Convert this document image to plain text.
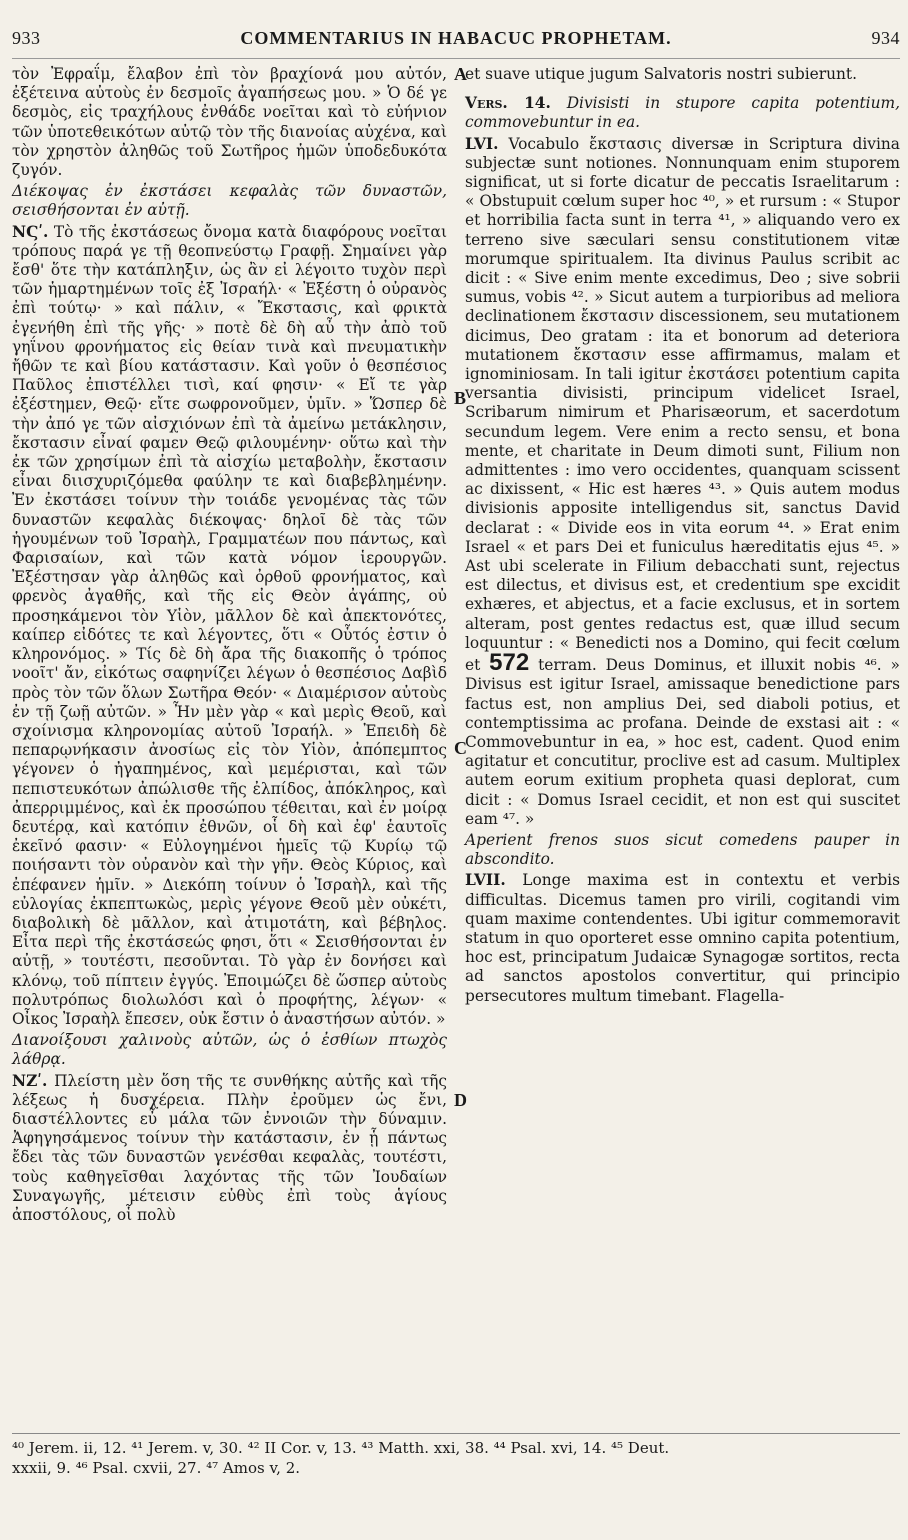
933	COMMENTARIUS IN HABACUC PROPHETAM.	934

τὸν Ἐφραΐμ, ἔλαβον ἐπὶ τὸν βραχίονά μου αὐτόν, ἐξέτεινα αὐτοὺς ἐν δεσμοῖς ἀγαπήσεως μου. » Ὁ δέ γε δεσμὸς, εἰς τραχήλους ἐνθάδε νοεῖται καὶ τὸ εὐήνιον τῶν ὑποτεθεικότων αὐτῷ τὸν τῆς διανοίας αὐχένα, καὶ τὸν χρηστὸν ἀληθῶς τοῦ Σωτῆρος ἡμῶν ὑποδεδυκότα ζυγόν.

Διέκοψας ἐν ἐκστάσει κεφαλὰς τῶν δυναστῶν, σεισθήσονται ἐν αὐτῇ.

ΝϚʹ. Τὸ τῆς ἐκστάσεως ὄνομα κατὰ διαφόρους νοεῖται τρόπους παρά γε τῇ θεοπνεύστῳ Γραφῇ. Σημαίνει γὰρ ἔσθ' ὅτε τὴν κατάπληξιν, ὡς ἂν εἰ λέγοιτο τυχὸν περὶ τῶν ἡμαρτημένων τοῖς ἐξ Ἰσραήλ· « Ἐξέστη ὁ οὐρανὸς ἐπὶ τούτῳ· » καὶ πάλιν, « Ἔκστασις, καὶ φρικτὰ ἐγενήθη ἐπὶ τῆς γῆς· » ποτὲ δὲ δὴ αὖ τὴν ἀπὸ τοῦ γηΐνου φρονήματος εἰς θείαν τινὰ καὶ πνευματικὴν ἤθῶν τε καὶ βίου κατάστασιν. Καὶ γοῦν ὁ θεσπέσιος Παῦλος ἐπιστέλλει τισὶ, καί φησιν· « Εἴ τε γὰρ ἐξέστημεν, Θεῷ· εἴτε σωφρονοῦμεν, ὑμῖν. » Ὥσπερ δὲ τὴν ἀπό γε τῶν αἰσχιόνων ἐπὶ τὰ ἀμείνω μετάκλησιν, ἔκστασιν εἶναί φαμεν Θεῷ φιλουμένην· οὕτω καὶ τὴν ἐκ τῶν χρησίμων ἐπὶ τὰ αἰσχίω μεταβολὴν, ἔκστασιν εἶναι διισχυριζόμεθα φαύλην τε καὶ διαβεβλημένην. Ἐν ἐκστάσει τοίνυν τὴν τοιάδε γενομένας τὰς τῶν δυναστῶν κεφαλὰς διέκοψας· δηλοῖ δὲ τὰς τῶν ἡγουμένων τοῦ Ἰσραὴλ, Γραμματέων που πάντως, καὶ Φαρισαίων, καὶ τῶν κατὰ νόμον ἱερουργῶν. Ἐξέστησαν γὰρ ἀληθῶς καὶ ὀρθοῦ φρονήματος, καὶ φρενὸς ἀγαθῆς, καὶ τῆς εἰς Θεὸν ἀγάπης, οὐ προσηκάμενοι τὸν Υἱὸν, μᾶλλον δὲ καὶ ἀπεκτονότες, καίπερ εἰδότες τε καὶ λέγοντες, ὅτι « Οὗτός ἐστιν ὁ κληρονόμος. » Τίς δὲ δὴ ἄρα τῆς διακοπῆς ὁ τρόπος νοοῖτ' ἄν, εἰκότως σαφηνίζει λέγων ὁ θεσπέσιος Δαβὶδ πρὸς τὸν τῶν ὅλων Σωτῆρα Θεόν· « Διαμέρισον αὐτοὺς ἐν τῇ ζωῇ αὐτῶν. » Ἦν μὲν γὰρ « καὶ μερὶς Θεοῦ, καὶ σχοίνισμα κληρονομίας αὐτοῦ Ἰσραήλ. » Ἐπειδὴ δὲ πεπαρῳνήκασιν ἀνοσίως εἰς τὸν Υἱὸν, ἀπόπεμπτος γέγονεν ὁ ἠγαπημένος, καὶ μεμέρισται, καὶ τῶν πεπιστευκότων ἀπώλισθε τῆς ἐλπίδος, ἀπόκληρος, καὶ ἀπερριμμένος, καὶ ἐκ προσώπου τέθειται, καὶ ἐν μοίρᾳ δευτέρᾳ, καὶ κατόπιν ἐθνῶν, οἷ δὴ καὶ ἐφ' ἑαυτοῖς ἐκεῖνό φασιν· « Εὐλογημένοι ἡμεῖς τῷ Κυρίῳ τῷ ποιήσαντι τὸν οὐρανὸν καὶ τὴν γῆν. Θεὸς Κύριος, καὶ ἐπέφανεν ἡμῖν. » Διεκόπη τοίνυν ὁ Ἰσραὴλ, καὶ τῆς εὐλογίας ἐκπεπτωκὼς, μερὶς γέγονε Θεοῦ μὲν οὐκέτι, διαβολικὴ δὲ μᾶλλον, καὶ ἀτιμοτάτη, καὶ βέβηλος. Εἶτα περὶ τῆς ἐκστάσεώς φησι, ὅτι « Σεισθήσονται ἐν αὐτῇ, » τουτέστι, πεσοῦνται. Τὸ γὰρ ἐν δονήσει καὶ κλόνῳ, τοῦ πίπτειν ἐγγύς. Ἐποιμώζει δὲ ὥσπερ αὐτοὺς πολυτρόπως διολωλόσι καὶ ὁ προφήτης, λέγων· « Οἶκος Ἰσραὴλ ἔπεσεν, οὐκ ἔστιν ὁ ἀναστήσων αὐτόν. »

Διανοίξουσι χαλινοὺς αὐτῶν, ὡς ὁ ἐσθίων πτωχὸς λάθρᾳ.

ΝΖʹ. Πλείστη μὲν ὅση τῆς τε συνθήκης αὐτῆς καὶ τῆς λέξεως ἡ δυσχέρεια. Πλὴν ἐροῦμεν ὡς ἔνι, διαστέλλοντες εὖ μάλα τῶν ἐννοιῶν τὴν δύναμιν. Ἀφηγησάμενος τοίνυν τὴν κατάστασιν, ἐν ᾗ πάντως ἔδει τὰς τῶν δυναστῶν γενέσθαι κεφαλὰς, τουτέστι, τοὺς καθηγεῖσθαι λαχόντας τῆς τῶν Ἰουδαίων Συναγωγῆς, μέτεισιν εὐθὺς ἐπὶ τοὺς ἁγίους ἀποστόλους, οἷ πολὺ

et suave utique jugum Salvatoris nostri subierunt.

Vers. 14. Divisisti in stupore capita potentium, commovebuntur in ea.

LVI. Vocabulo ἔκστασις diversæ in Scriptura divina subjectæ sunt notiones. Nonnunquam enim stuporem significat, ut si forte dicatur de peccatis Israelitarum : « Obstupuit cœlum super hoc ⁴⁰, » et rursum : « Stupor et horribilia facta sunt in terra ⁴¹, » aliquando vero ex terreno sive sæculari sensu constitutionem vitæ morumque spiritualem. Ita divinus Paulus scribit ac dicit : « Sive enim mente excedimus, Deo ; sive sobrii sumus, vobis ⁴². » Sicut autem a turpioribus ad meliora declinationem ἔκστασιν discessionem, seu mutationem dicimus, Deo gratam : ita et bonorum ad deteriora mutationem ἔκστασιν esse affirmamus, malam et ignominiosam. In tali igitur ἐκστάσει potentium capita versantia divisisti, principum videlicet Israel, Scribarum nimirum et Pharisæorum, et sacerdotum secundum legem. Vere enim a recto sensu, et bona mente, et charitate in Deum dimoti sunt, Filium non admittentes : imo vero occidentes, quanquam scissent ac dixissent, « Hic est hæres ⁴³. » Quis autem modus divisionis apposite intelligendus sit, sanctus David declarat : « Divide eos in vita eorum ⁴⁴. » Erat enim Israel « et pars Dei et funiculus hæreditatis ejus ⁴⁵. » Ast ubi scelerate in Filium debacchati sunt, rejectus est dilectus, et divisus est, et credentium spe excidit exhæres, et abjectus, et a facie exclusus, et in sortem alteram, post gentes redactus est, quæ illud secum loquuntur : « Benedicti nos a Domino, qui fecit cœlum et 572 terram. Deus Dominus, et illuxit nobis ⁴⁶. » Divisus est igitur Israel, amissaque benedictione pars factus est, non amplius Dei, sed diaboli potius, et contemptissima ac profana. Deinde de exstasi ait : « Commovebuntur in ea, » hoc est, cadent. Quod enim agitatur et concutitur, proclive est ad casum. Multiplex autem eorum exitium propheta quasi deplorat, cum dicit : « Domus Israel cecidit, et non est qui suscitet eam ⁴⁷. »

Aperient frenos suos sicut comedens pauper in abscondito.

LVII. Longe maxima est in contextu et verbis difficultas. Dicemus tamen pro virili, cogitandi vim quam maxime contendentes. Ubi igitur commemoravit statum in quo oporteret esse omnino capita potentium, hoc est, principatum Judaicæ Synagogæ sortitos, recta ad sanctos apostolos convertitur, qui principio persecutores multum timebant. Flagella-

A
B
C
D
⁴⁰ Jerem. ii, 12. ⁴¹ Jerem. v, 30. ⁴² II Cor. v, 13. ⁴³ Matth. xxi, 38. ⁴⁴ Psal. xvi, 14. ⁴⁵ Deut.
xxxii, 9. ⁴⁶ Psal. cxvii, 27. ⁴⁷ Amos v, 2.
